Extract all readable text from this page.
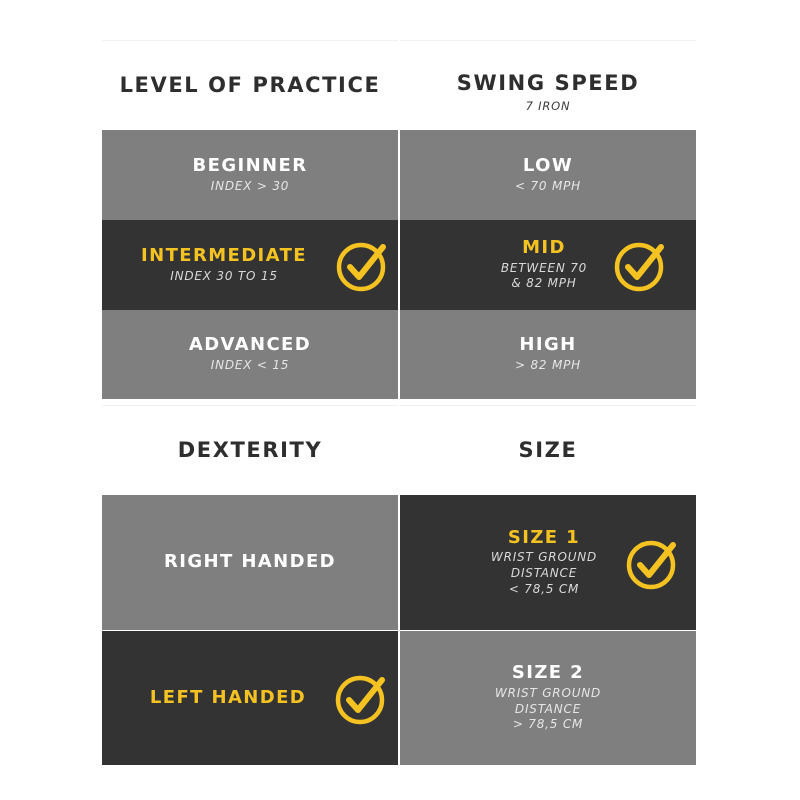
LEVEL OF PRACTICE	SWING SPEED
7 IRON
BEGINNER
INDEX > 30
LOW
< 70 MPH
INTERMEDIATE
INDEX 30 TO 15
MID
BETWEEN 70
& 82 MPH
ADVANCED
INDEX < 15
HIGH
> 82 MPH
DEXTERITY	SIZE
RIGHT HANDED
SIZE 1
WRIST GROUND
DISTANCE
< 78,5 CM
LEFT HANDED
SIZE 2
WRIST GROUND
DISTANCE
> 78,5 CM
